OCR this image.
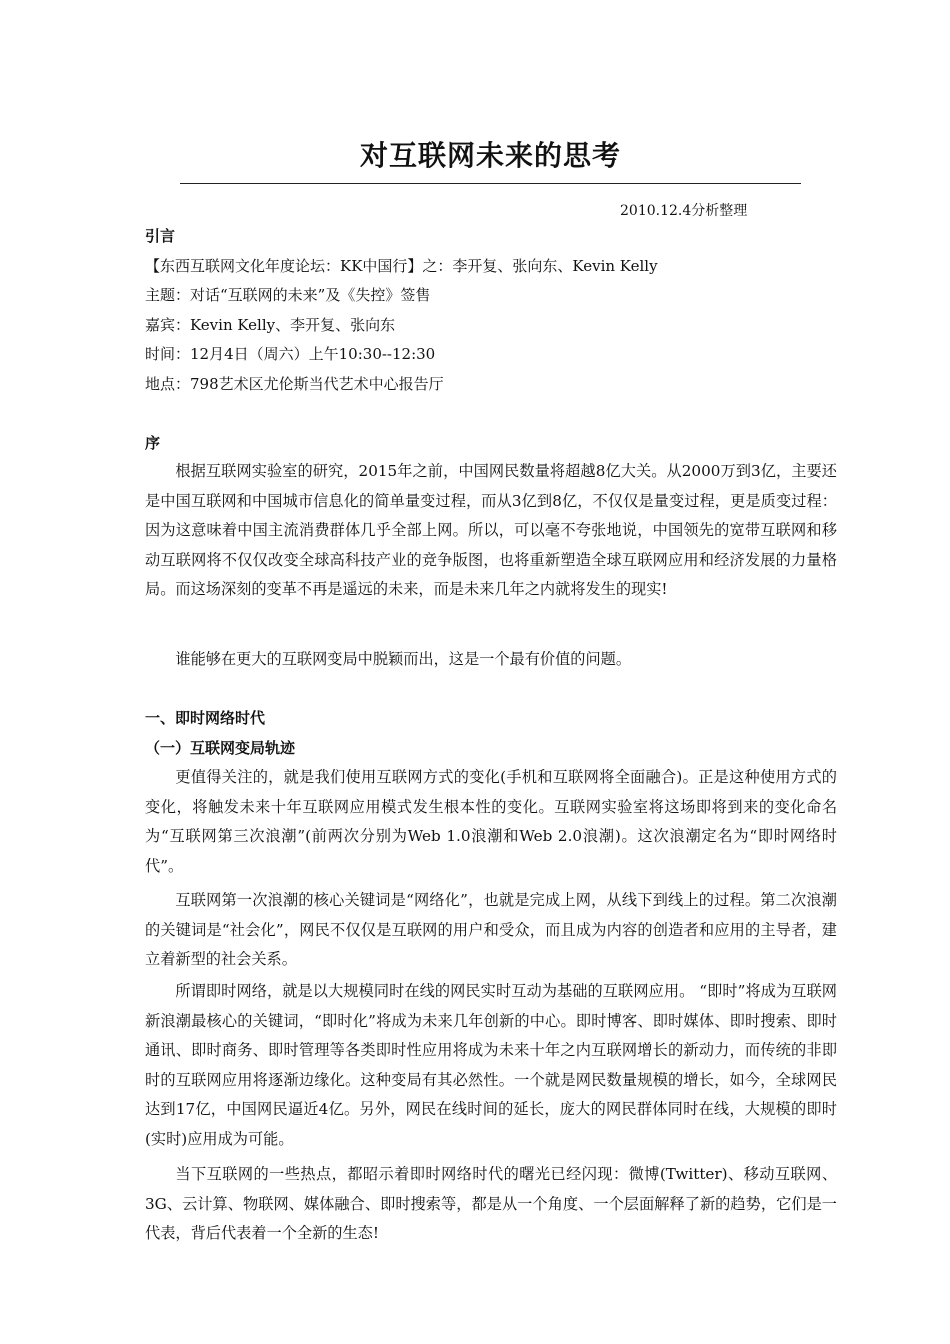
对互联网未来的思考
2010.12.4分析整理
引言
【东西互联网文化年度论坛：KK中国行】之：李开复、张向东、Kevin Kelly
主题：对话“互联网的未来”及《失控》签售
嘉宾：Kevin Kelly、李开复、张向东
时间：12月4日（周六）上午10:30--12:30
地点：798艺术区尤伦斯当代艺术中心报告厅
序

根据互联网实验室的研究，2015年之前，中国网民数量将超越8亿大关。从2000万到3亿，主要还是中国互联网和中国城市信息化的简单量变过程，而从3亿到8亿，不仅仅是量变过程，更是质变过程：因为这意味着中国主流消费群体几乎全部上网。所以，可以毫不夸张地说，中国领先的宽带互联网和移动互联网将不仅仅改变全球高科技产业的竞争版图，也将重新塑造全球互联网应用和经济发展的力量格局。而这场深刻的变革不再是遥远的未来，而是未来几年之内就将发生的现实!

谁能够在更大的互联网变局中脱颖而出，这是一个最有价值的问题。

一、即时网络时代
（一）互联网变局轨迹

更值得关注的，就是我们使用互联网方式的变化(手机和互联网将全面融合)。正是这种使用方式的变化，将触发未来十年互联网应用模式发生根本性的变化。互联网实验室将这场即将到来的变化命名为“互联网第三次浪潮”(前两次分别为Web 1.0浪潮和Web 2.0浪潮)。这次浪潮定名为“即时网络时代”。

互联网第一次浪潮的核心关键词是“网络化”，也就是完成上网，从线下到线上的过程。第二次浪潮的关键词是“社会化”，网民不仅仅是互联网的用户和受众，而且成为内容的创造者和应用的主导者，建立着新型的社会关系。

所谓即时网络，就是以大规模同时在线的网民实时互动为基础的互联网应用。 “即时”将成为互联网新浪潮最核心的关键词，“即时化”将成为未来几年创新的中心。即时博客、即时媒体、即时搜索、即时通讯、即时商务、即时管理等各类即时性应用将成为未来十年之内互联网增长的新动力，而传统的非即时的互联网应用将逐渐边缘化。这种变局有其必然性。一个就是网民数量规模的增长，如今，全球网民达到17亿，中国网民逼近4亿。另外，网民在线时间的延长，庞大的网民群体同时在线，大规模的即时(实时)应用成为可能。

当下互联网的一些热点，都昭示着即时网络时代的曙光已经闪现：微博(Twitter)、移动互联网、3G、云计算、物联网、媒体融合、即时搜索等，都是从一个角度、一个层面解释了新的趋势，它们是一代表，背后代表着一个全新的生态!
